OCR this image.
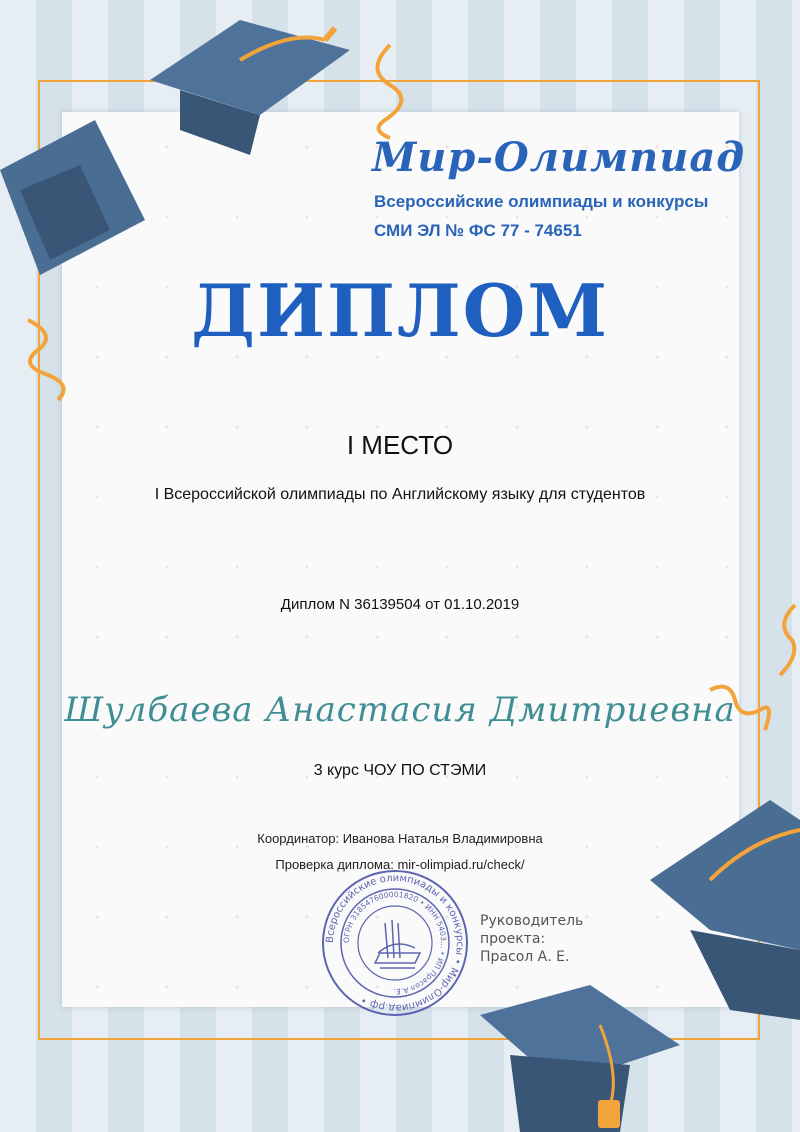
Мир-Олимпиад
Всероссийские олимпиады и конкурсы
СМИ ЭЛ № ФС 77 - 74651
ДИПЛОМ
I МЕСТО
I Всероссийской олимпиады по Английскому языку для студентов
Диплом N 36139504 от 01.10.2019
Шулбаева Анастасия Дмитриевна
3 курс ЧОУ ПО СТЭМИ
Координатор: Иванова Наталья Владимировна
Проверка диплома: mir-olimpiad.ru/check/
Всероссийские олимпиады и конкурсы • Мир-Олимпиад.рф •
ОГРН 318547600001820 • ИНН 5403... • ИП Прасол А.Е.
Руководитель
проекта:
Прасол А. Е.
